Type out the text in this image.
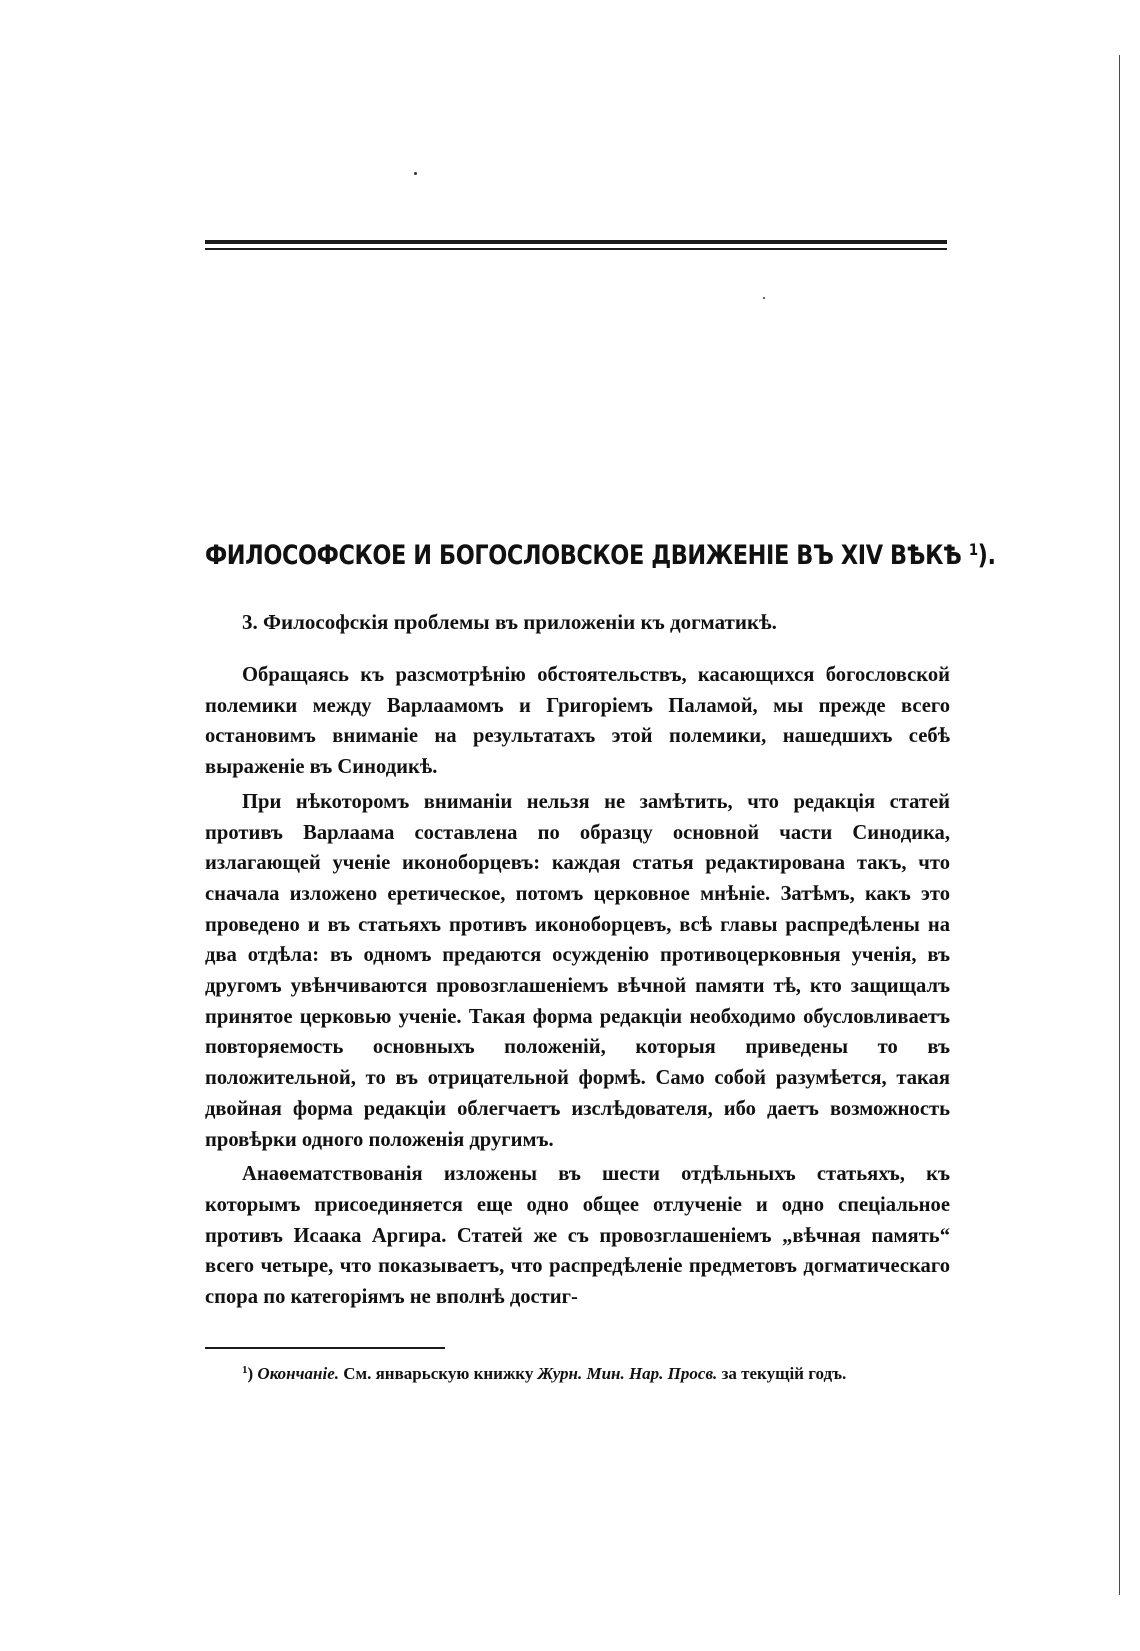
ФИЛОСОФСКОЕ И БОГОСЛОВСКОЕ ДВИЖЕНІЕ ВЪ XIV ВѢКѢ $^1$).
3. Философскія проблемы въ приложеніи къ догматикѣ.

Обращаясь къ разсмотрѣнію обстоятельствъ, касающихся богословской полемики между Варлаамомъ и Григоріемъ Паламой, мы прежде всего остановимъ вниманіе на результатахъ этой полемики, нашедшихъ себѣ выраженіе въ Синодикѣ.

При нѣкоторомъ вниманіи нельзя не замѣтить, что редакція статей противъ Варлаама составлена по образцу основной части Синодика, излагающей ученіе иконоборцевъ: каждая статья редактирована такъ, что сначала изложено еретическое, потомъ церковное мнѣніе. Затѣмъ, какъ это проведено и въ статьяхъ противъ иконоборцевъ, всѣ главы распредѣлены на два отдѣла: въ одномъ предаются осужденію противоцерковныя ученія, въ другомъ увѣнчиваются провозглашеніемъ вѣчной памяти тѣ, кто защищалъ принятое церковью ученіе. Такая форма редакціи необходимо обусловливаетъ повторяемость основныхъ положеній, которыя приведены то въ положительной, то въ отрицательной формѣ. Само собой разумѣется, такая двойная форма редакціи облегчаетъ изслѣдователя, ибо даетъ возможность провѣрки одного положенія другимъ.

Анаѳематствованія изложены въ шести отдѣльныхъ статьяхъ, къ которымъ присоединяется еще одно общее отлученіе и одно спеціальное противъ Исаака Аргира. Статей же съ провозглашеніемъ „вѣчная память“ всего четыре, что показываетъ, что распредѣленіе предметовъ догматическаго спора по категоріямъ не вполнѣ достиг-

$^1$) Окончаніе. См. январьскую книжку Журн. Мин. Нар. Просв. за текущій годъ.
